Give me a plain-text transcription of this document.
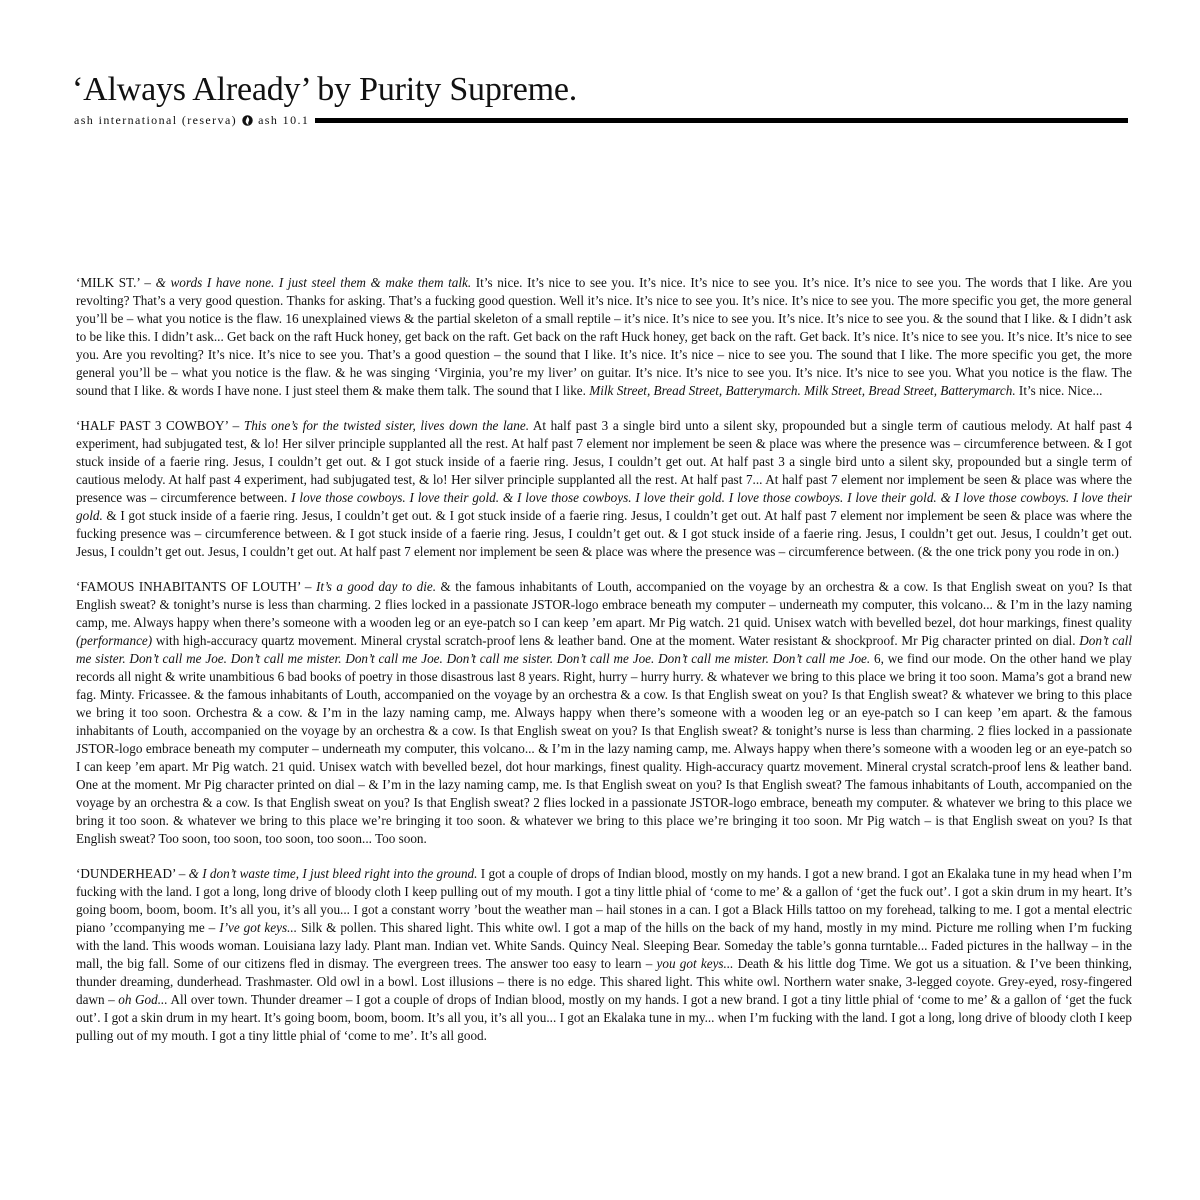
‘Always Already’ by Purity Supreme.
ash international (reserva) ash 10.1

‘MILK ST.’ – & words I have none. I just steel them & make them talk. It’s nice. It’s nice to see you. It’s nice. It’s nice to see you. It’s nice. It’s nice to see you. The words that I like. Are you revolting? That’s a very good question. Thanks for asking. That’s a fucking good question. Well it’s nice. It’s nice to see you. It’s nice. It’s nice to see you. The more specific you get, the more general you’ll be – what you notice is the flaw. 16 unexplained views & the partial skeleton of a small reptile – it’s nice. It’s nice to see you. It’s nice. It’s nice to see you. & the sound that I like. & I didn’t ask to be like this. I didn’t ask... Get back on the raft Huck honey, get back on the raft. Get back on the raft Huck honey, get back on the raft. Get back. It’s nice. It’s nice to see you. It’s nice. It’s nice to see you. Are you revolting? It’s nice. It’s nice to see you. That’s a good question – the sound that I like. It’s nice. It’s nice – nice to see you. The sound that I like. The more specific you get, the more general you’ll be – what you notice is the flaw. & he was singing ‘Virginia, you’re my liver’ on guitar. It’s nice. It’s nice to see you. It’s nice. It’s nice to see you. What you notice is the flaw. The sound that I like. & words I have none. I just steel them & make them talk. The sound that I like. Milk Street, Bread Street, Batterymarch. Milk Street, Bread Street, Batterymarch. It’s nice. Nice...

‘HALF PAST 3 COWBOY’ – This one’s for the twisted sister, lives down the lane. At half past 3 a single bird unto a silent sky, propounded but a single term of cautious melody. At half past 4 experiment, had subjugated test, & lo! Her silver principle supplanted all the rest. At half past 7 element nor implement be seen & place was where the presence was – circumference between. & I got stuck inside of a faerie ring. Jesus, I couldn’t get out. & I got stuck inside of a faerie ring. Jesus, I couldn’t get out. At half past 3 a single bird unto a silent sky, propounded but a single term of cautious melody. At half past 4 experiment, had subjugated test, & lo! Her silver principle supplanted all the rest. At half past 7... At half past 7 element nor implement be seen & place was where the presence was – circumference between. I love those cowboys. I love their gold. & I love those cowboys. I love their gold. I love those cowboys. I love their gold. & I love those cowboys. I love their gold. & I got stuck inside of a faerie ring. Jesus, I couldn’t get out. & I got stuck inside of a faerie ring. Jesus, I couldn’t get out. At half past 7 element nor implement be seen & place was where the fucking presence was – circumference between. & I got stuck inside of a faerie ring. Jesus, I couldn’t get out. & I got stuck inside of a faerie ring. Jesus, I couldn’t get out. Jesus, I couldn’t get out. Jesus, I couldn’t get out. Jesus, I couldn’t get out. At half past 7 element nor implement be seen & place was where the presence was – circumference between. (& the one trick pony you rode in on.)

‘FAMOUS INHABITANTS OF LOUTH’ – It’s a good day to die. & the famous inhabitants of Louth, accompanied on the voyage by an orchestra & a cow. Is that English sweat on you? Is that English sweat? & tonight’s nurse is less than charming. 2 flies locked in a passionate JSTOR-logo embrace beneath my computer – underneath my computer, this volcano... & I’m in the lazy naming camp, me. Always happy when there’s someone with a wooden leg or an eye-patch so I can keep ’em apart. Mr Pig watch. 21 quid. Unisex watch with bevelled bezel, dot hour markings, finest quality (performance) with high-accuracy quartz movement. Mineral crystal scratch-proof lens & leather band. One at the moment. Water resistant & shockproof. Mr Pig character printed on dial. Don’t call me sister. Don’t call me Joe. Don’t call me mister. Don’t call me Joe. Don’t call me sister. Don’t call me Joe. Don’t call me mister. Don’t call me Joe. 6, we find our mode. On the other hand we play records all night & write unambitious 6 bad books of poetry in those disastrous last 8 years. Right, hurry – hurry hurry. & whatever we bring to this place we bring it too soon. Mama’s got a brand new fag. Minty. Fricassee. & the famous inhabitants of Louth, accompanied on the voyage by an orchestra & a cow. Is that English sweat on you? Is that English sweat? & whatever we bring to this place we bring it too soon. Orchestra & a cow. & I’m in the lazy naming camp, me. Always happy when there’s someone with a wooden leg or an eye-patch so I can keep ’em apart. & the famous inhabitants of Louth, accompanied on the voyage by an orchestra & a cow. Is that English sweat on you? Is that English sweat? & tonight’s nurse is less than charming. 2 flies locked in a passionate JSTOR-logo embrace beneath my computer – underneath my computer, this volcano... & I’m in the lazy naming camp, me. Always happy when there’s someone with a wooden leg or an eye-patch so I can keep ’em apart. Mr Pig watch. 21 quid. Unisex watch with bevelled bezel, dot hour markings, finest quality. High-accuracy quartz movement. Mineral crystal scratch-proof lens & leather band. One at the moment. Mr Pig character printed on dial – & I’m in the lazy naming camp, me. Is that English sweat on you? Is that English sweat? The famous inhabitants of Louth, accompanied on the voyage by an orchestra & a cow. Is that English sweat on you? Is that English sweat? 2 flies locked in a passionate JSTOR-logo embrace, beneath my computer. & whatever we bring to this place we bring it too soon. & whatever we bring to this place we’re bringing it too soon. & whatever we bring to this place we’re bringing it too soon. Mr Pig watch – is that English sweat on you? Is that English sweat? Too soon, too soon, too soon, too soon... Too soon.

‘DUNDERHEAD’ – & I don’t waste time, I just bleed right into the ground. I got a couple of drops of Indian blood, mostly on my hands. I got a new brand. I got an Ekalaka tune in my head when I’m fucking with the land. I got a long, long drive of bloody cloth I keep pulling out of my mouth. I got a tiny little phial of ‘come to me’ & a gallon of ‘get the fuck out’. I got a skin drum in my heart. It’s going boom, boom, boom. It’s all you, it’s all you... I got a constant worry ’bout the weather man – hail stones in a can. I got a Black Hills tattoo on my forehead, talking to me. I got a mental electric piano ’ccompanying me – I’ve got keys... Silk & pollen. This shared light. This white owl. I got a map of the hills on the back of my hand, mostly in my mind. Picture me rolling when I’m fucking with the land. This woods woman. Louisiana lazy lady. Plant man. Indian vet. White Sands. Quincy Neal. Sleeping Bear. Someday the table’s gonna turntable... Faded pictures in the hallway – in the mall, the big fall. Some of our citizens fled in dismay. The evergreen trees. The answer too easy to learn – you got keys... Death & his little dog Time. We got us a situation. & I’ve been thinking, thunder dreaming, dunderhead. Trashmaster. Old owl in a bowl. Lost illusions – there is no edge. This shared light. This white owl. Northern water snake, 3-legged coyote. Grey-eyed, rosy-fingered dawn – oh God... All over town. Thunder dreamer – I got a couple of drops of Indian blood, mostly on my hands. I got a new brand. I got a tiny little phial of ‘come to me’ & a gallon of ‘get the fuck out’. I got a skin drum in my heart. It’s going boom, boom, boom. It’s all you, it’s all you... I got an Ekalaka tune in my... when I’m fucking with the land. I got a long, long drive of bloody cloth I keep pulling out of my mouth. I got a tiny little phial of ‘come to me’. It’s all good.
